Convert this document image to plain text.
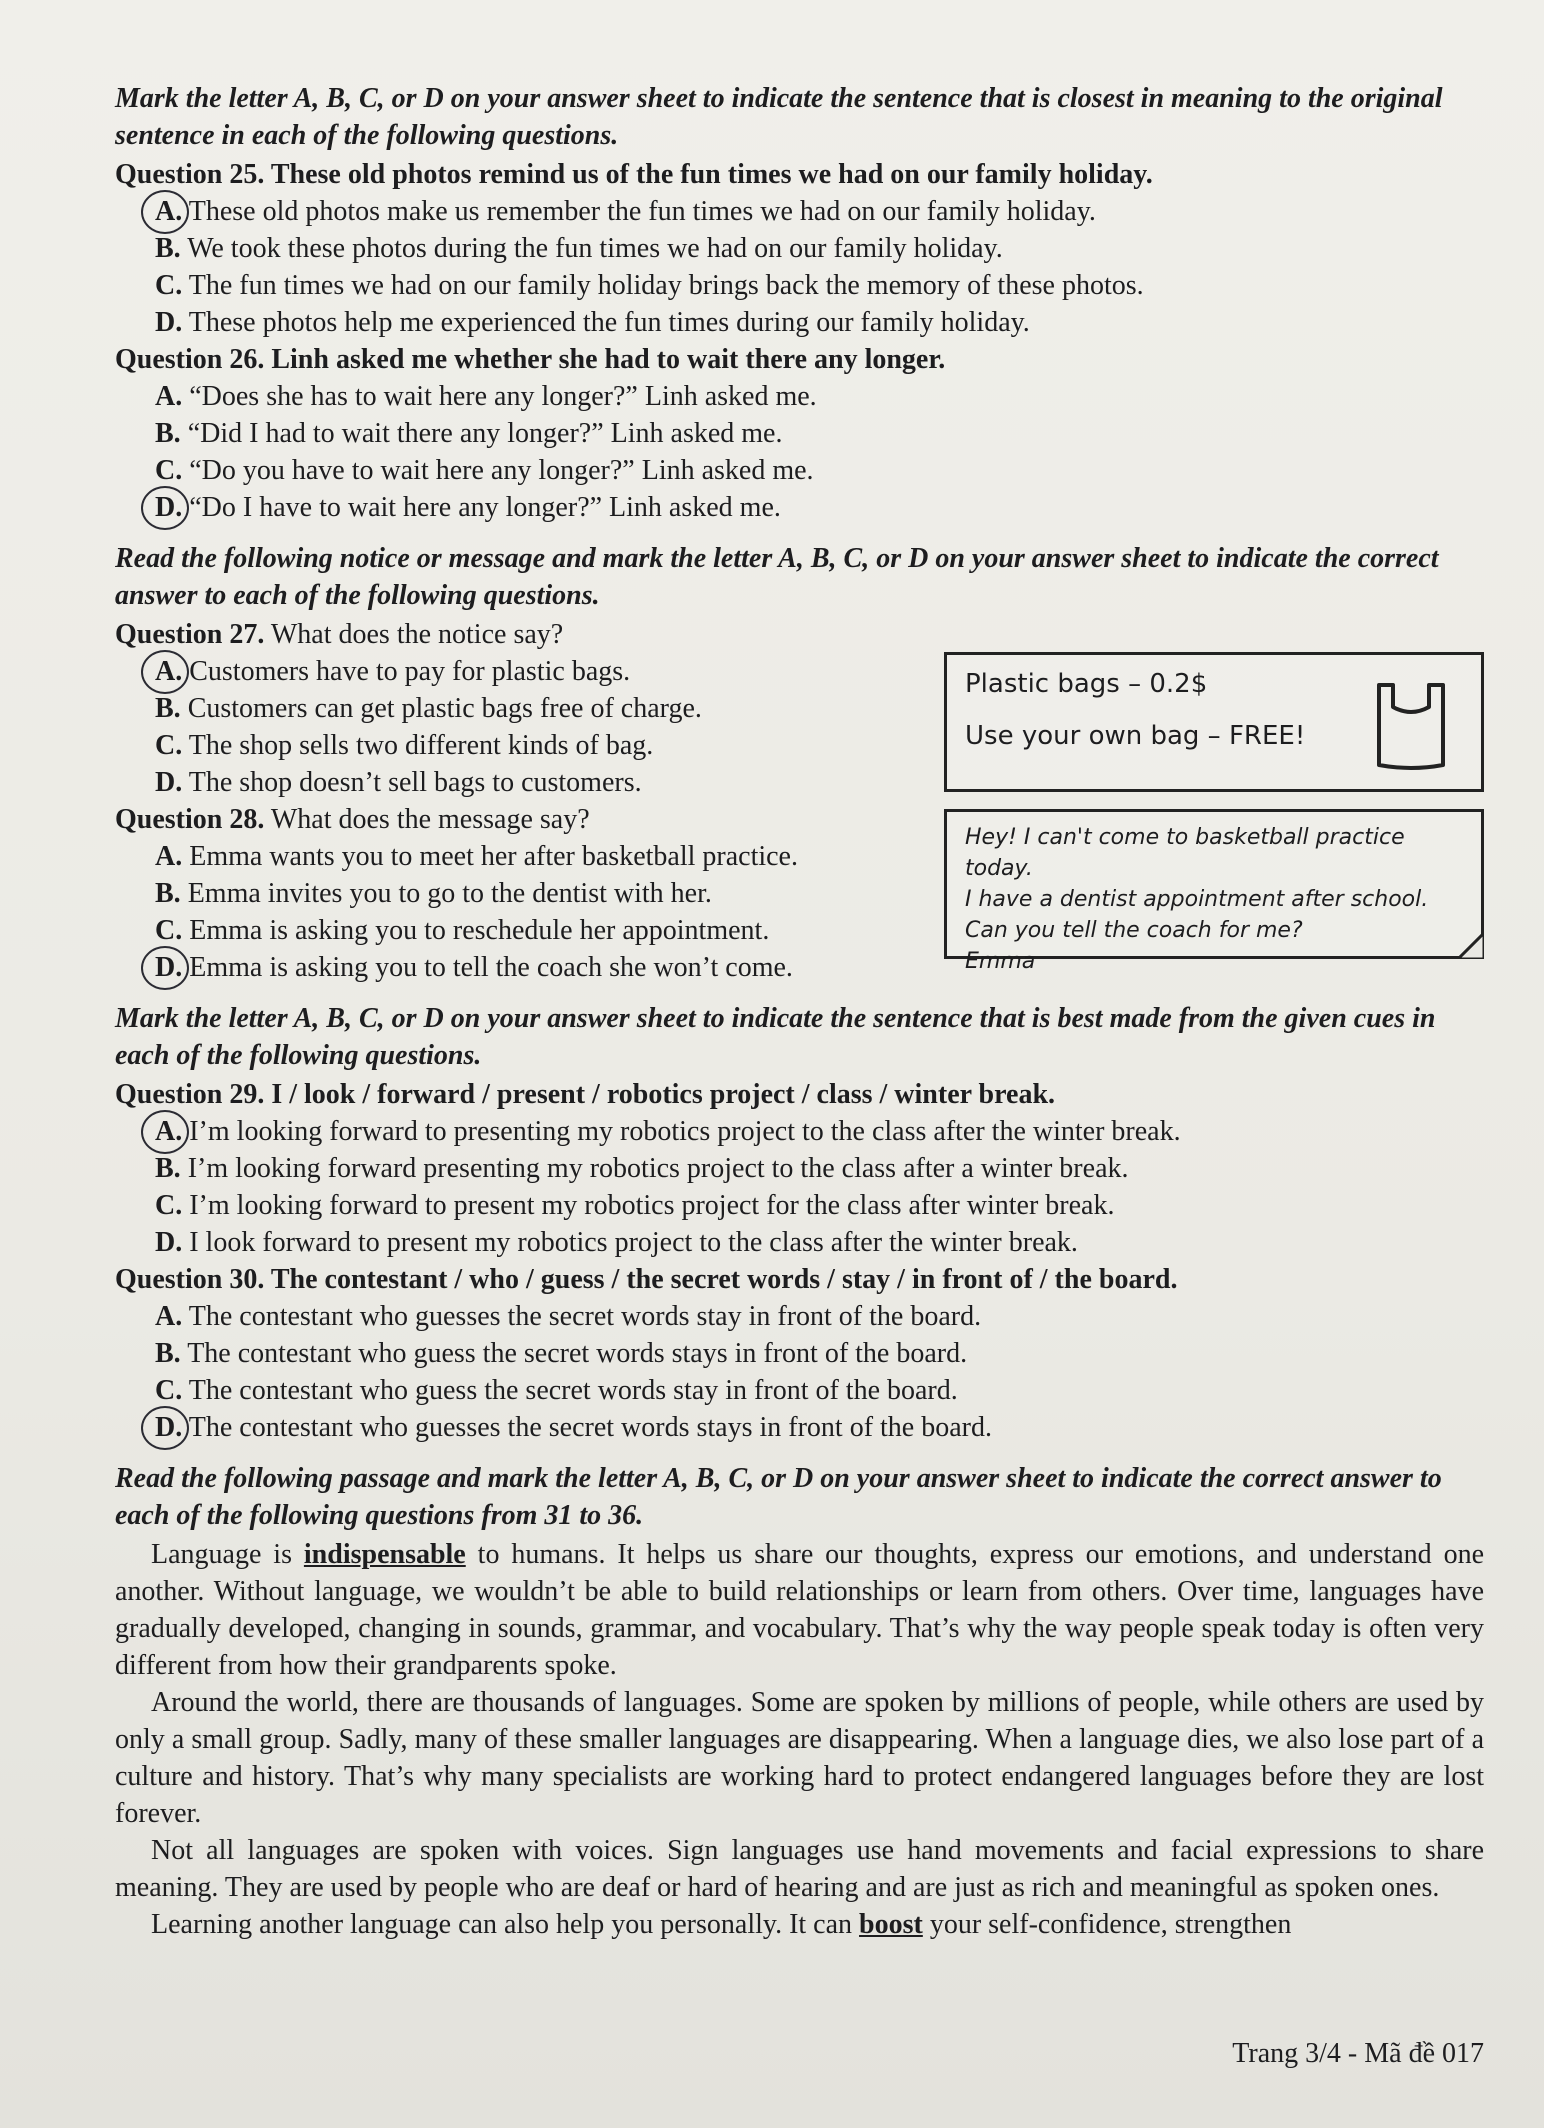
Mark the letter A, B, C, or D on your answer sheet to indicate the sentence that is closest in meaning to the original sentence in each of the following questions.
Question 25. These old photos remind us of the fun times we had on our family holiday.
A. These old photos make us remember the fun times we had on our family holiday.
B. We took these photos during the fun times we had on our family holiday.
C. The fun times we had on our family holiday brings back the memory of these photos.
D. These photos help me experienced the fun times during our family holiday.
Question 26. Linh asked me whether she had to wait there any longer.
A. “Does she has to wait here any longer?” Linh asked me.
B. “Did I had to wait there any longer?” Linh asked me.
C. “Do you have to wait here any longer?” Linh asked me.
D. “Do I have to wait here any longer?” Linh asked me.
Read the following notice or message and mark the letter A, B, C, or D on your answer sheet to indicate the correct answer to each of the following questions.
Question 27. What does the notice say?
A. Customers have to pay for plastic bags.
B. Customers can get plastic bags free of charge.
C. The shop sells two different kinds of bag.
D. The shop doesn’t sell bags to customers.
Plastic bags – 0.2$
Use your own bag – FREE!
Question 28. What does the message say?
A. Emma wants you to meet her after basketball practice.
B. Emma invites you to go to the dentist with her.
C. Emma is asking you to reschedule her appointment.
D. Emma is asking you to tell the coach she won’t come.
Hey! I can't come to basketball practice today.
I have a dentist appointment after school.
Can you tell the coach for me?
Emma
Mark the letter A, B, C, or D on your answer sheet to indicate the sentence that is best made from the given cues in each of the following questions.
Question 29. I / look / forward / present / robotics project / class / winter break.
A. I’m looking forward to presenting my robotics project to the class after the winter break.
B. I’m looking forward presenting my robotics project to the class after a winter break.
C. I’m looking forward to present my robotics project for the class after winter break.
D. I look forward to present my robotics project to the class after the winter break.
Question 30. The contestant / who / guess / the secret words / stay / in front of / the board.
A. The contestant who guesses the secret words stay in front of the board.
B. The contestant who guess the secret words stays in front of the board.
C. The contestant who guess the secret words stay in front of the board.
D. The contestant who guesses the secret words stays in front of the board.
Read the following passage and mark the letter A, B, C, or D on your answer sheet to indicate the correct answer to each of the following questions from 31 to 36.

Language is indispensable to humans. It helps us share our thoughts, express our emotions, and understand one another. Without language, we wouldn’t be able to build relationships or learn from others. Over time, languages have gradually developed, changing in sounds, grammar, and vocabulary. That’s why the way people speak today is often very different from how their grandparents spoke.

Around the world, there are thousands of languages. Some are spoken by millions of people, while others are used by only a small group. Sadly, many of these smaller languages are disappearing. When a language dies, we also lose part of a culture and history. That’s why many specialists are working hard to protect endangered languages before they are lost forever.

Not all languages are spoken with voices. Sign languages use hand movements and facial expressions to share meaning. They are used by people who are deaf or hard of hearing and are just as rich and meaningful as spoken ones.

Learning another language can also help you personally. It can boost your self-confidence, strengthen

Trang 3/4 - Mã đề 017
